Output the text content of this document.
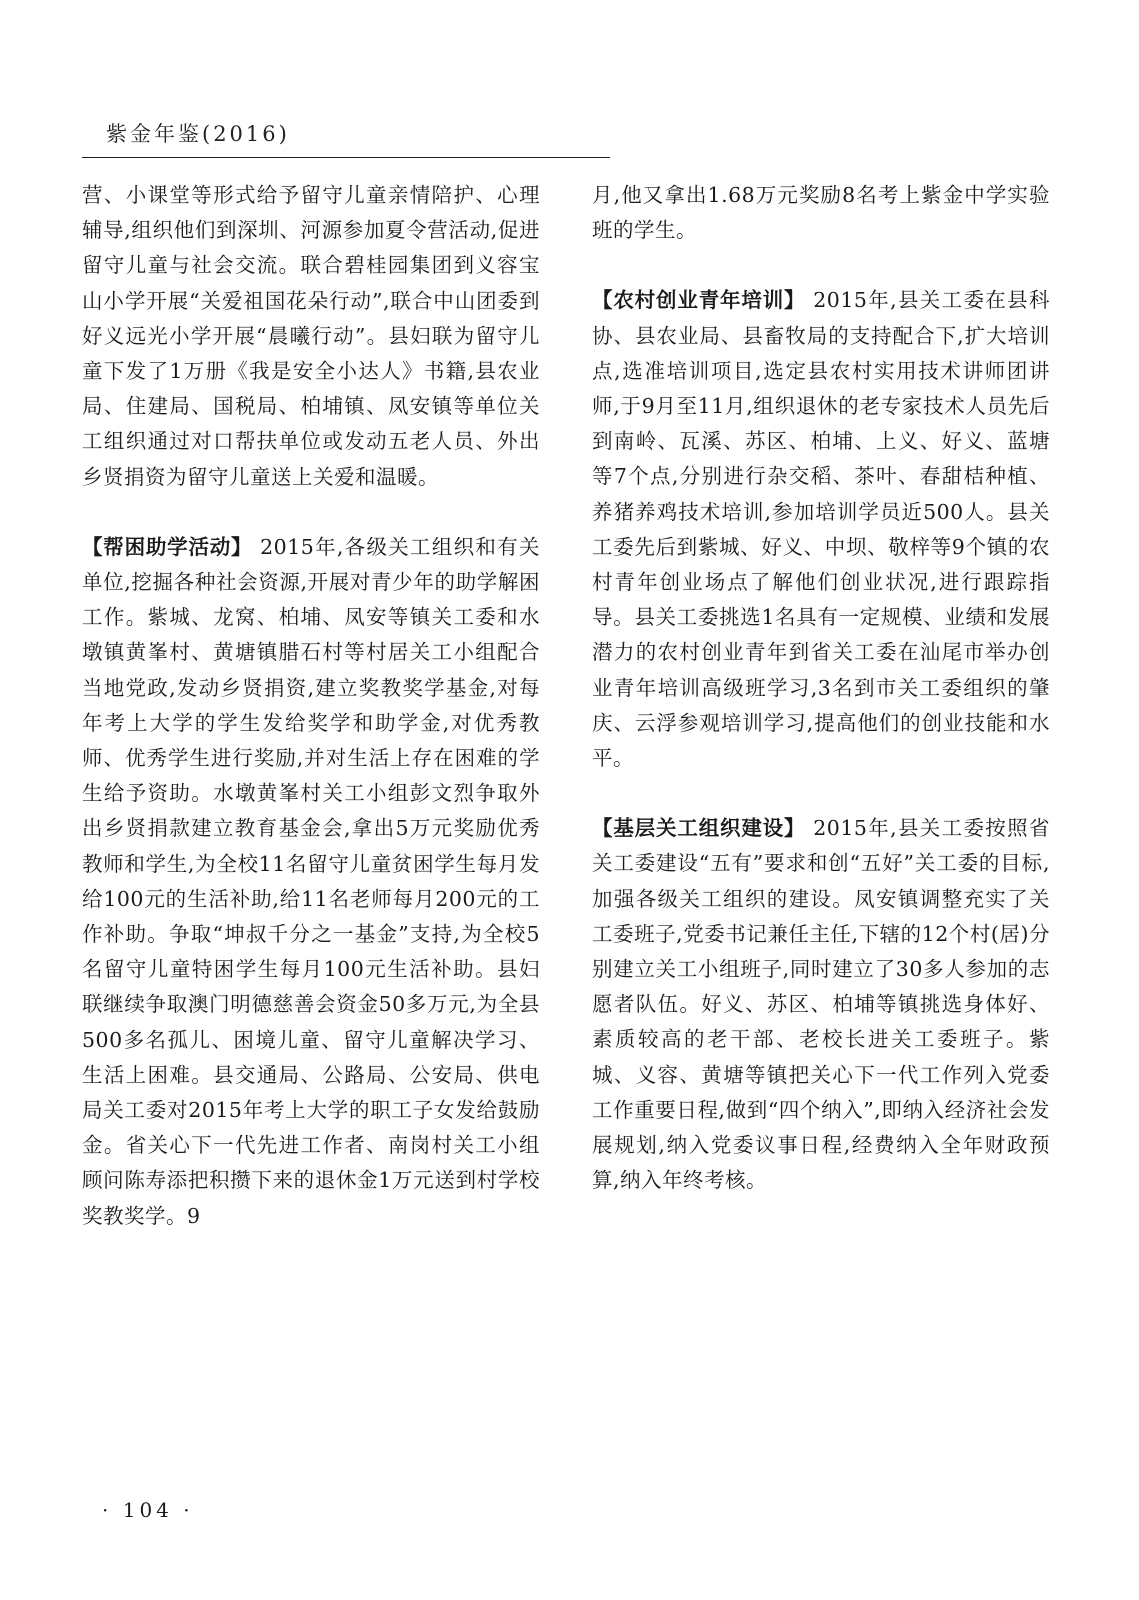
紫金年鉴(2016)

营、小课堂等形式给予留守儿童亲情陪护、心理辅导,组织他们到深圳、河源参加夏令营活动,促进留守儿童与社会交流。联合碧桂园集团到义容宝山小学开展“关爱祖国花朵行动”,联合中山团委到好义远光小学开展“晨曦行动”。县妇联为留守儿童下发了1万册《我是安全小达人》书籍,县农业局、住建局、国税局、柏埔镇、凤安镇等单位关工组织通过对口帮扶单位或发动五老人员、外出乡贤捐资为留守儿童送上关爱和温暖。

【帮困助学活动】 2015年,各级关工组织和有关单位,挖掘各种社会资源,开展对青少年的助学解困工作。紫城、龙窝、柏埔、凤安等镇关工委和水墩镇黄峯村、黄塘镇腊石村等村居关工小组配合当地党政,发动乡贤捐资,建立奖教奖学基金,对每年考上大学的学生发给奖学和助学金,对优秀教师、优秀学生进行奖励,并对生活上存在困难的学生给予资助。水墩黄峯村关工小组彭文烈争取外出乡贤捐款建立教育基金会,拿出5万元奖励优秀教师和学生,为全校11名留守儿童贫困学生每月发给100元的生活补助,给11名老师每月200元的工作补助。争取“坤叔千分之一基金”支持,为全校5名留守儿童特困学生每月100元生活补助。县妇联继续争取澳门明德慈善会资金50多万元,为全县500多名孤儿、困境儿童、留守儿童解决学习、生活上困难。县交通局、公路局、公安局、供电局关工委对2015年考上大学的职工子女发给鼓励金。省关心下一代先进工作者、南岗村关工小组顾问陈寿添把积攒下来的退休金1万元送到村学校奖教奖学。9

月,他又拿出1.68万元奖励8名考上紫金中学实验班的学生。

【农村创业青年培训】 2015年,县关工委在县科协、县农业局、县畜牧局的支持配合下,扩大培训点,选准培训项目,选定县农村实用技术讲师团讲师,于9月至11月,组织退休的老专家技术人员先后到南岭、瓦溪、苏区、柏埔、上义、好义、蓝塘等7个点,分别进行杂交稻、茶叶、春甜桔种植、养猪养鸡技术培训,参加培训学员近500人。县关工委先后到紫城、好义、中坝、敬梓等9个镇的农村青年创业场点了解他们创业状况,进行跟踪指导。县关工委挑选1名具有一定规模、业绩和发展潜力的农村创业青年到省关工委在汕尾市举办创业青年培训高级班学习,3名到市关工委组织的肇庆、云浮参观培训学习,提高他们的创业技能和水平。

【基层关工组织建设】 2015年,县关工委按照省关工委建设“五有”要求和创“五好”关工委的目标,加强各级关工组织的建设。凤安镇调整充实了关工委班子,党委书记兼任主任,下辖的12个村(居)分别建立关工小组班子,同时建立了30多人参加的志愿者队伍。好义、苏区、柏埔等镇挑选身体好、素质较高的老干部、老校长进关工委班子。紫城、义容、黄塘等镇把关心下一代工作列入党委工作重要日程,做到“四个纳入”,即纳入经济社会发展规划,纳入党委议事日程,经费纳入全年财政预算,纳入年终考核。

· 104 ·
